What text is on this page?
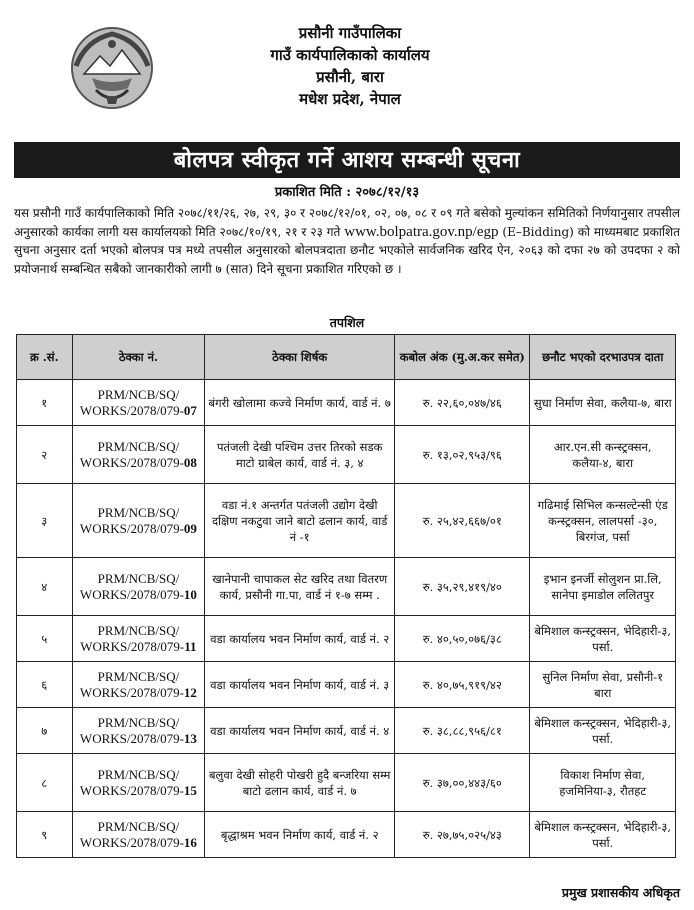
प्रसौनी गाउँपालिका
गाउँ कार्यपालिकाको कार्यालय
प्रसौनी, बारा
मधेश प्रदेश, नेपाल
बोलपत्र स्वीकृत गर्ने आशय सम्बन्धी सूचना
प्रकाशित मिति : २०७८/१२/१३
यस प्रसौनी गाउँ कार्यपालिकाको मिति २०७८/११/२६, २७, २९, ३० र २०७८/१२/०१, ०२, ०७, ०८ र ०९ गते बसेको मुल्यांकन समितिको निर्णयानुसार तपसील अनुसारको कार्यका लागी यस कार्यालयको मिति २०७८/१०/१९, २१ र २३ गते www.bolpatra.gov.np/egp (E–Bidding) को माध्यमबाट प्रकाशित सुचना अनुसार दर्ता भएको बोलपत्र पत्र मध्ये तपसील अनुसारको बोलपत्रदाता छनौट भएकोले सार्वजनिक खरिद ऐन, २०६३ को दफा २७ को उपदफा २ को प्रयोजनार्थ सम्बन्धित सबैको जानकारीको लागी ७ (सात) दिने सूचना प्रकाशित गरिएको छ ।
तपशिल
क्र .सं.	ठेक्का नं.	ठेक्का शिर्षक	कबोल अंक (मु.अ.कर समेत)	छनौट भएको दरभाउपत्र दाता
१	PRM/NCB/SQ/
WORKS/2078/079-07	बंगरी खोलामा कज्वे निर्माण कार्य, वार्ड नं. ७	रु. २२,६०,०४७/४६	सुधा निर्माण सेवा, कलैया-७, बारा
२	PRM/NCB/SQ/
WORKS/2078/079-08	पतंजली देखी पश्चिम उत्तर तिरको सडक माटो ग्राबेल कार्य, वार्ड नं. ३, ४	रु. १३,०२,९५३/९६	आर.एन.सी कन्स्ट्रक्सन, कलैया-४, बारा
३	PRM/NCB/SQ/
WORKS/2078/079-09	वडा नं.१ अन्तर्गत पतंजली उद्योग देखी दक्षिण नकटुवा जाने बाटो ढलान कार्य, वार्ड नं -१	रु. २५,४२,६६७/०१	गढिमाई सिभिल कन्सल्टेन्सी एंड कन्स्ट्रक्सन, लालपर्सा -३०, बिरगंज, पर्सा
४	PRM/NCB/SQ/
WORKS/2078/079-10	खानेपानी चापाकल सेट खरिद तथा वितरण कार्य, प्रसौनी गा.पा, वार्ड नं १-७ सम्म .	रु. ३५,२९,४१९/४०	इभान इनर्जी सोलुशन प्रा.लि, सानेपा इमाडोल ललितपुर
५	PRM/NCB/SQ/
WORKS/2078/079-11	वडा कार्यालय भवन निर्माण कार्य, वार्ड नं. २	रु. ४०,५०,०७६/३८	बेमिशाल कन्स्ट्रक्सन, भेदिहारी-३, पर्सा.
६	PRM/NCB/SQ/
WORKS/2078/079-12	वडा कार्यालय भवन निर्माण कार्य, वार्ड नं. ३	रु. ४०,७५,९१९/४२	सुनिल निर्माण सेवा, प्रसौनी-१ बारा
७	PRM/NCB/SQ/
WORKS/2078/079-13	वडा कार्यालय भवन निर्माण कार्य, वार्ड नं. ४	रु. ३८,८८,९५६/८१	बेमिशाल कन्स्ट्रक्सन, भेदिहारी-३, पर्सा.
८	PRM/NCB/SQ/
WORKS/2078/079-15	बलुवा देखी सोहरी पोखरी हुदै बन्जरिया सम्म बाटो ढलान कार्य, वार्ड नं. ७	रु. ३७,००,४४३/६०	विकाश निर्माण सेवा, हजमिनिया-३, रौतहट
९	PRM/NCB/SQ/
WORKS/2078/079-16	बृद्धाश्रम भवन निर्माण कार्य, वार्ड नं. २	रु. २७,७५,०२५/४३	बेमिशाल कन्स्ट्रक्सन, भेदिहारी-३, पर्सा.
प्रमुख प्रशासकीय अधिकृत
